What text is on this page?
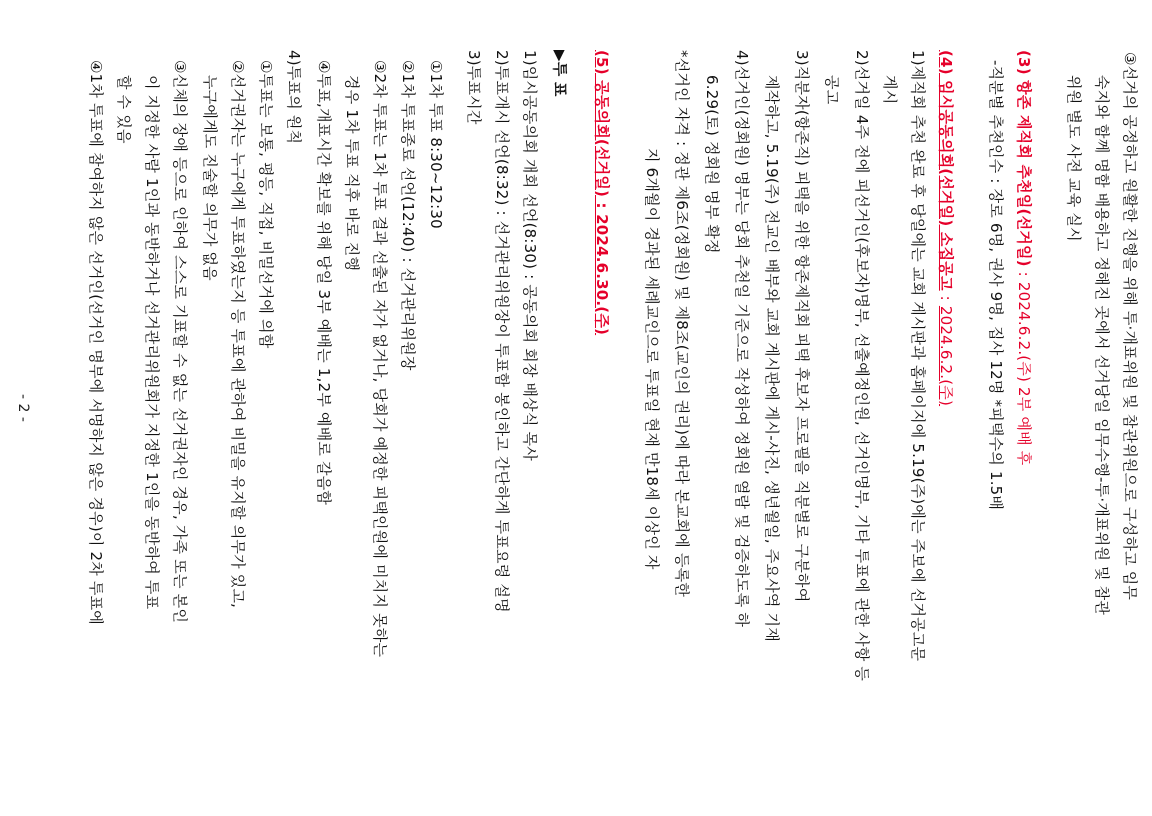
③선거의 공정하고 원활한 진행을 위해 투·개표위원 및 참관위원으로 구성하고 임무
숙지와 함께 명함 배용하고 정해진 곳에서 선거당일 임무수행-투·개표위원 및 참관
위원 별도 사전 교육 실시
(3) 항존 제직회 추천일(선거일) : 2024.6.2.(주) 2부 예배 후
-직분별 추천인수 : 장로 6명, 권사 9명, 집사 12명 *피택수의 1.5배
(4) 임시공동의회(선거일) 소집공고 : 2024.6.2.(주)
1)제직회 추천 완료 후 당일에는 교회 게시판과 홈페이지에 5.19(주)에는 주보에 선거공고문
게시
2)선거일 4주 전에 피선거인(후보자)명부, 선출예정인원, 선거인명부, 기타 투표에 관한 사항 등
공고
3)직분자(항존직) 피택을 위한 항존제직회 피택 후보자 프로필을 직분별로 구분하여
제작하고, 5.19(주) 전교인 배부와 교회 게시판에 게시-사진, 생년월일, 주요사역 기재
4)선거인(정회원) 명부는 당회 추천일 기준으로 작성하여 정회원 열람 및 검증하도록 하
6.29(토) 정회원 명부 확정
*선거인 자격 : 정관 제6조(정회원) 및 제8조(교인의 권리)에 따라 본교회에 등록한
지 6개월이 경과된 세례교인으로 투표일 현재 만18세 이상인 자
(5) 공동의회(선거일) : 2024.6.30.(주)
▶투 표
1)임시공동의회 개회 선언(8:30) : 공동의회 회장 배상식 목사
2)투표개시 선언(8:32) : 선거관리위원장이 투표함 봉인하고 간단하게 투표요령 설명
3)투표시간
①1차 투표 8:30~12:30
②1차 투표종료 선언(12:40) : 선거관리위원장
③2차 투표는 1차 투표 결과 선출된 자가 없거나, 당회가 예정한 피택인원에 미치지 못하는
경우 1차 투표 직후 바로 진행
④투표,개표시간 확보를 위해 당일 3부 예배는 1,2부 예배로 갈음함
4)투표의 원칙
①투표는 보통, 평등, 직접, 비밀선거에 의함
②선거권자는 누구에게 투표하였는지 등 투표에 관하여 비밀을 유지할 의무가 있고,
누구에게도 진술할 의무가 없음
③신체의 장애 등으로 인하여 스스로 기표할 수 없는 선거권자인 경우, 가족 또는 본인
이 지정한 사람 1인과 동반하거나 선거관리위원회가 지정한 1인을 동반하여 투표
할 수 있음
④1차 투표에 참여하지 않은 선거인(선거인 명부에 서명하지 않은 경우)이 2차 투표에
- 2 -
